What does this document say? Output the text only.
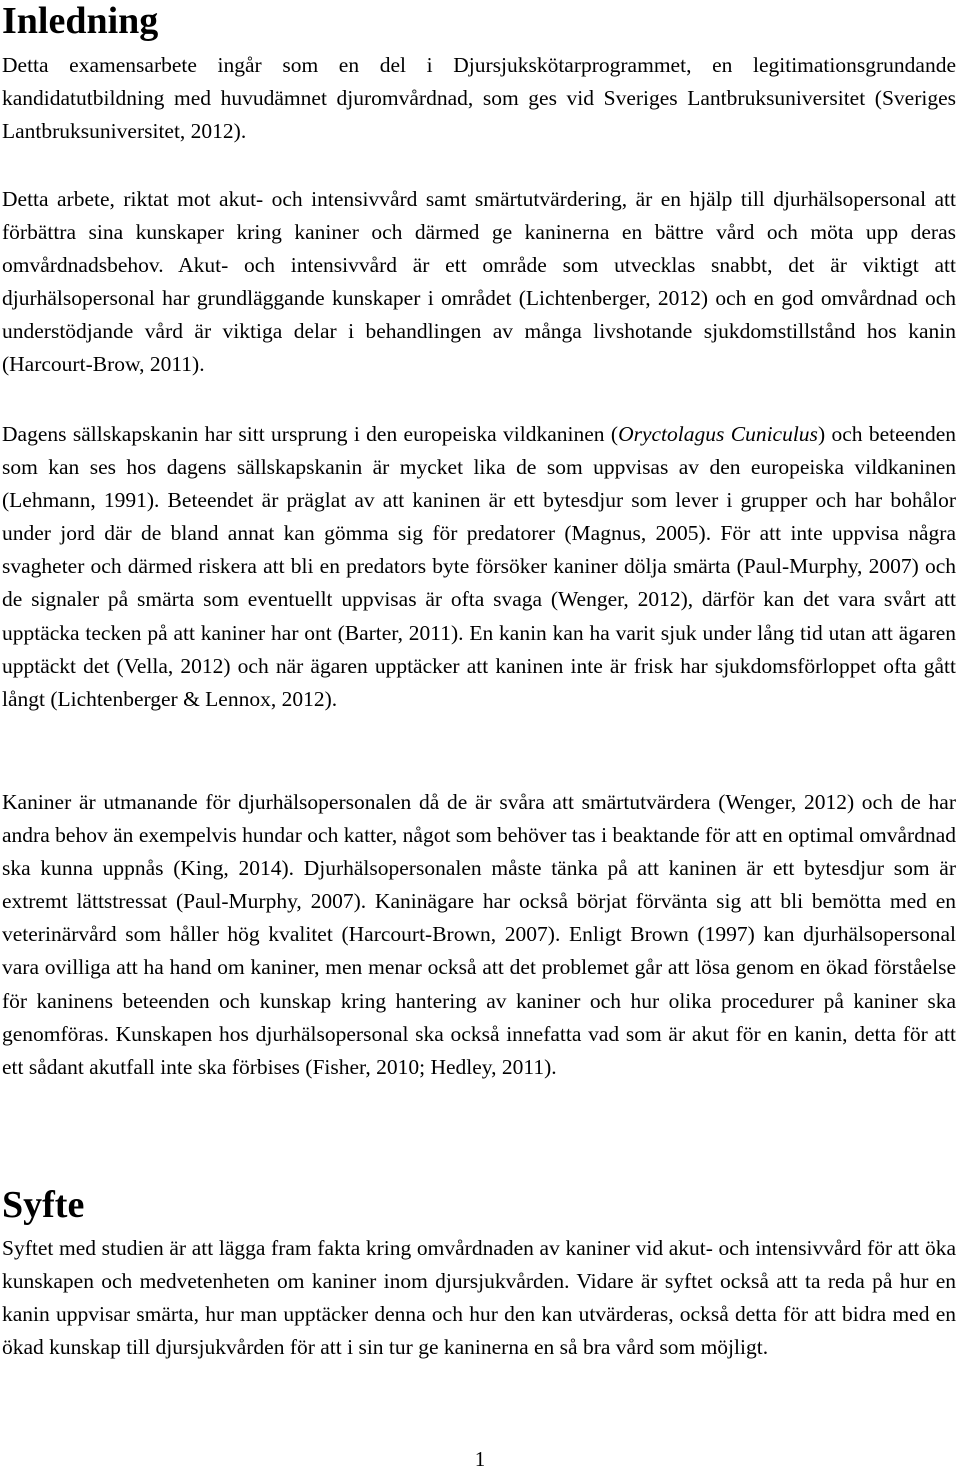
Inledning

Detta examensarbete ingår som en del i Djursjukskötarprogrammet, en legitimationsgrundande kandidatutbildning med huvudämnet djuromvårdnad, som ges vid Sveriges Lantbruksuniversitet (Sveriges Lantbruksuniversitet, 2012).

Detta arbete, riktat mot akut- och intensivvård samt smärtutvärdering, är en hjälp till djurhälsopersonal att förbättra sina kunskaper kring kaniner och därmed ge kaninerna en bättre vård och möta upp deras omvårdnadsbehov. Akut- och intensivvård är ett område som utvecklas snabbt, det är viktigt att djurhälsopersonal har grundläggande kunskaper i området (Lichtenberger, 2012) och en god omvårdnad och understödjande vård är viktiga delar i behandlingen av många livshotande sjukdomstillstånd hos kanin (Harcourt-Brow, 2011).

Dagens sällskapskanin har sitt ursprung i den europeiska vildkaninen (Oryctolagus Cuniculus) och beteenden som kan ses hos dagens sällskapskanin är mycket lika de som uppvisas av den europeiska vildkaninen (Lehmann, 1991). Beteendet är präglat av att kaninen är ett bytesdjur som lever i grupper och har bohålor under jord där de bland annat kan gömma sig för predatorer (Magnus, 2005). För att inte uppvisa några svagheter och därmed riskera att bli en predators byte försöker kaniner dölja smärta (Paul-Murphy, 2007) och de signaler på smärta som eventuellt uppvisas är ofta svaga (Wenger, 2012), därför kan det vara svårt att upptäcka tecken på att kaniner har ont (Barter, 2011). En kanin kan ha varit sjuk under lång tid utan att ägaren upptäckt det (Vella, 2012) och när ägaren upptäcker att kaninen inte är frisk har sjukdomsförloppet ofta gått långt (Lichtenberger & Lennox, 2012).

Kaniner är utmanande för djurhälsopersonalen då de är svåra att smärtutvärdera (Wenger, 2012) och de har andra behov än exempelvis hundar och katter, något som behöver tas i beaktande för att en optimal omvårdnad ska kunna uppnås (King, 2014). Djurhälsopersonalen måste tänka på att kaninen är ett bytesdjur som är extremt lättstressat (Paul-Murphy, 2007). Kaninägare har också börjat förvänta sig att bli bemötta med en veterinärvård som håller hög kvalitet (Harcourt-Brown, 2007). Enligt Brown (1997) kan djurhälsopersonal vara ovilliga att ha hand om kaniner, men menar också att det problemet går att lösa genom en ökad förståelse för kaninens beteenden och kunskap kring hantering av kaniner och hur olika procedurer på kaniner ska genomföras. Kunskapen hos djurhälsopersonal ska också innefatta vad som är akut för en kanin, detta för att ett sådant akutfall inte ska förbises (Fisher, 2010; Hedley, 2011).

Syfte

Syftet med studien är att lägga fram fakta kring omvårdnaden av kaniner vid akut- och intensivvård för att öka kunskapen och medvetenheten om kaniner inom djursjukvården. Vidare är syftet också att ta reda på hur en kanin uppvisar smärta, hur man upptäcker denna och hur den kan utvärderas, också detta för att bidra med en ökad kunskap till djursjukvården för att i sin tur ge kaninerna en så bra vård som möjligt.

1
